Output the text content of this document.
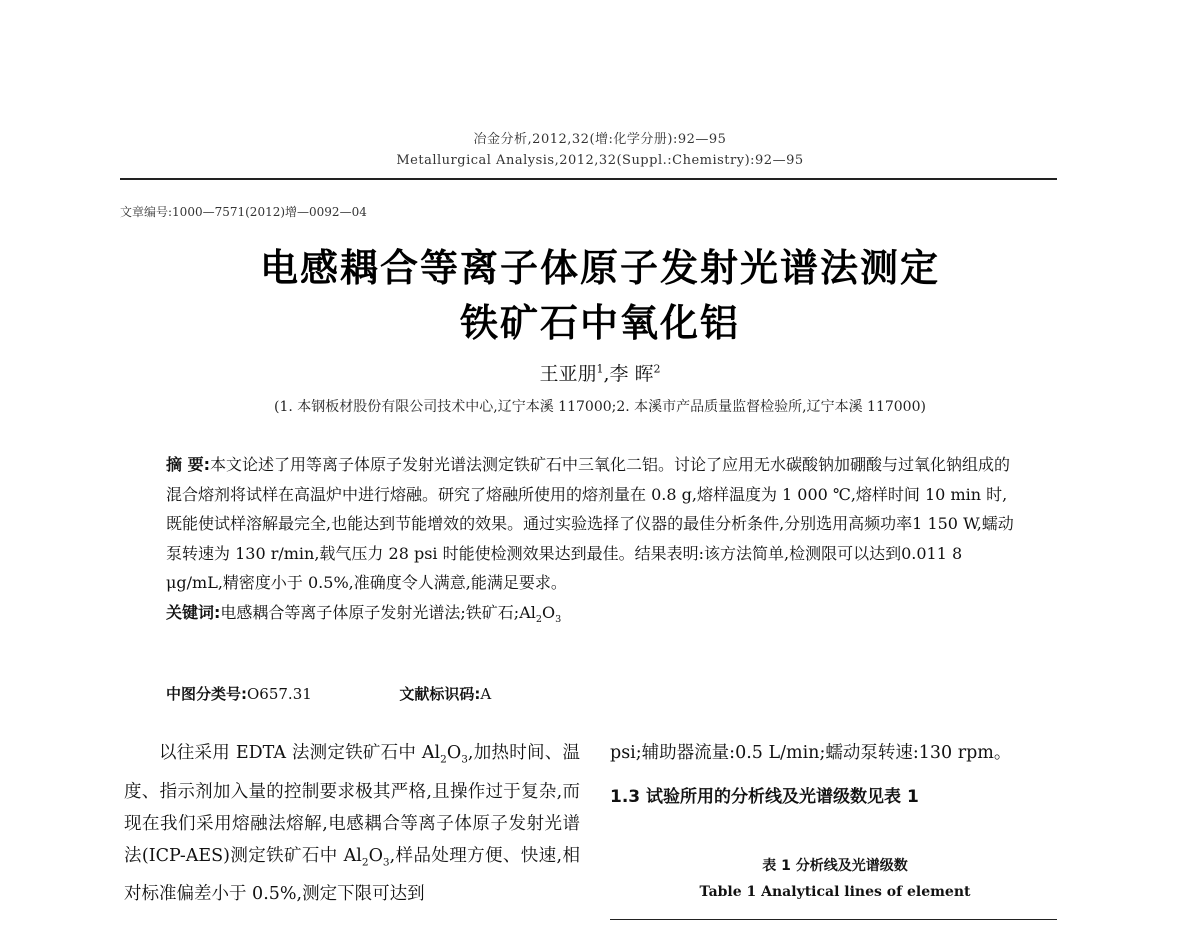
冶金分析,2012,32(增:化学分册):92—95
Metallurgical Analysis,2012,32(Suppl.:Chemistry):92—95
文章编号:1000—7571(2012)增—0092—04
电感耦合等离子体原子发射光谱法测定
铁矿石中氧化铝
王亚朋$^1$,李 晖$^2$
(1. 本钢板材股份有限公司技术中心,辽宁本溪 117000;2. 本溪市产品质量监督检验所,辽宁本溪 117000)
摘 要:本文论述了用等离子体原子发射光谱法测定铁矿石中三氧化二铝。讨论了应用无水碳酸钠加硼酸与过氧化钠组成的混合熔剂将试样在高温炉中进行熔融。研究了熔融所使用的熔剂量在 0.8 g,熔样温度为 1 000 ℃,熔样时间 10 min 时,既能使试样溶解最完全,也能达到节能增效的效果。通过实验选择了仪器的最佳分析条件,分别选用高频功率1 150 W,蠕动泵转速为 130 r/min,载气压力 28 psi 时能使检测效果达到最佳。结果表明:该方法简单,检测限可以达到0.011 8 μg/mL,精密度小于 0.5%,准确度令人满意,能满足要求。
关键词:电感耦合等离子体原子发射光谱法;铁矿石$;Al_2O_3$
中图分类号:O657.31	文献标识码:A
以往采用 EDTA 法测定铁矿石中 $Al_2O_3$,加热时间、温度、指示剂加入量的控制要求极其严格,且操作过于复杂,而现在我们采用熔融法熔解,电感耦合等离子体原子发射光谱法(ICP-AES)测定铁矿石中 $Al_2O_3$,样品处理方便、快速,相对标准偏差小于 0.5%,测定下限可达到
psi;辅助器流量:0.5 L/min;蠕动泵转速:130 rpm。
1.3 试验所用的分析线及光谱级数见表 1
表 1 分析线及光谱级数
Table 1 Analytical lines of element
